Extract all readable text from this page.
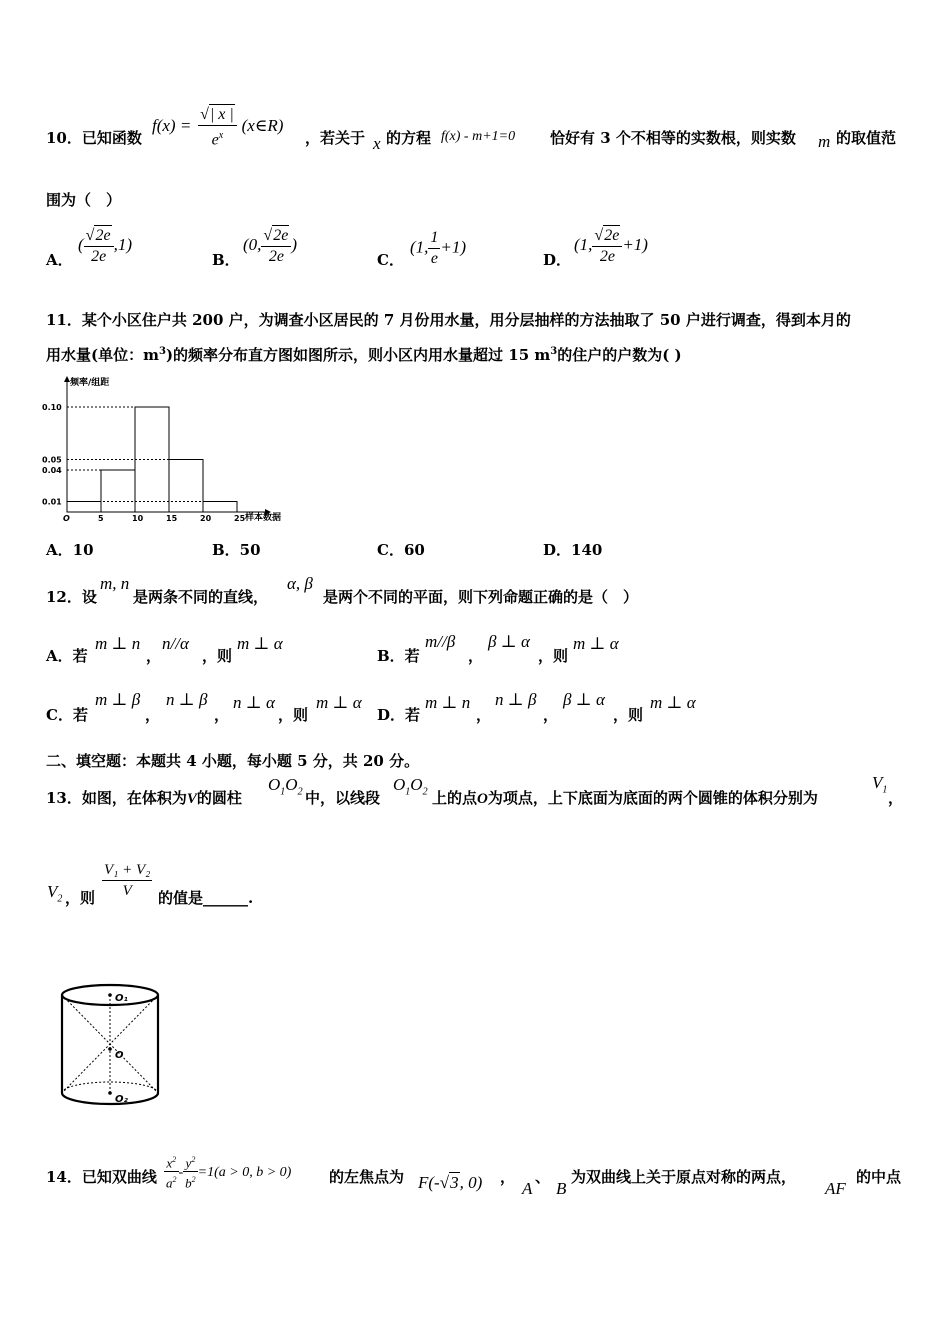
10．已知函数
$f(x) = \frac{√| x |}{e^x}$ (x∈R)
，若关于 x 的方程 f(x) - m+1=0 恰好有 3 个不相等的实数根，则实数 m 的取值范
围为（　）
A．
( $\frac{√2e}{2e} ,1$)
B．
(0, $\frac{√2e}{2e}$ )
C．
(1, $\frac{1}{e} +1$)
D．
(1, $\frac{√2e}{2e} +1$)
11．某个小区住户共 200 户，为调查小区居民的 7 月份用水量，用分层抽样的方法抽取了 50 户进行调查，得到本月的
用水量(单位：$m^3$)的频率分布直方图如图所示，则小区内用水量超过 15 $m^3$的住户的户数为( )
0.10
0.05
0.04
0.01
O	5	10	15	20	25
频率/组距
样本数据
A．10	B．50	C．60	D．140
12．设
m, n
是两条不同的直线，
α, β
是两个不同的平面，则下列命题正确的是（　）
A．若
m ⊥ n
，
n//α
，则
m ⊥ α
B．若
m//β
，
β ⊥ α
，则
m ⊥ α
C．若
m ⊥ β
，
n ⊥ β
，
n ⊥ α
，则
m ⊥ α
D．若
m ⊥ n
，
n ⊥ β
，
β ⊥ α
，则
m ⊥ α
二、填空题：本题共 4 小题，每小题 5 分，共 20 分。
13．如图，在体积为V的圆柱
$O_1O_2$ 中，以线段
$O_1O_2$ 上的点O为项点，上下底面为底面的两个圆锥的体积分别为
$V_1$ ，
$V_2$ ，则 $\frac{\text{V₁ + V₂}}{V}$ 的值是______.
O₁
O
O₂
14．已知双曲线 $\frac{x^2}{a^2} - \frac{y^2}{b^2} =1(a > 0$, b > 0)	的左焦点为 F(-√3, 0) ，
A
、
B
为双曲线上关于原点对称的两点，
AF
的中点
